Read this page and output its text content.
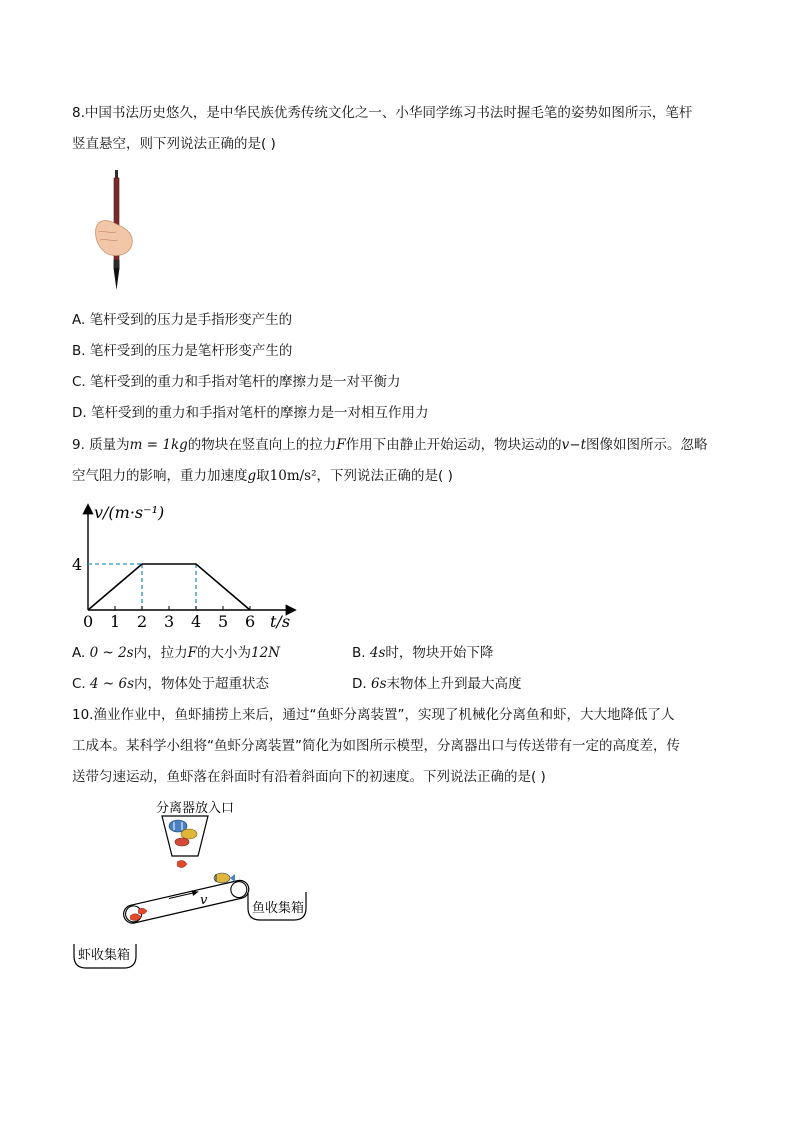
8.中国书法历史悠久，是中华民族优秀传统文化之一、小华同学练习书法时握毛笔的姿势如图所示，笔杆
竖直悬空，则下列说法正确的是( )
A. 笔杆受到的压力是手指形变产生的
B. 笔杆受到的压力是笔杆形变产生的
C. 笔杆受到的重力和手指对笔杆的摩擦力是一对平衡力
D. 笔杆受到的重力和手指对笔杆的摩擦力是一对相互作用力
9. 质量为m = 1kg的物块在竖直向上的拉力F作用下由静止开始运动，物块运动的v−t图像如图所示。忽略
空气阻力的影响，重力加速度g取10m/s²，下列说法正确的是( )
0 1 2 3 4 5 6
4
v/(m·s⁻¹)
t/s
A. 0 ~ 2s内，拉力F的大小为12N	B. 4s时，物块开始下降
C. 4 ~ 6s内，物体处于超重状态	D. 6s末物体上升到最大高度
10.渔业作业中，鱼虾捕捞上来后，通过“鱼虾分离装置”，实现了机械化分离鱼和虾，大大地降低了人
工成本。某科学小组将“鱼虾分离装置”简化为如图所示模型，分离器出口与传送带有一定的高度差，传
送带匀速运动，鱼虾落在斜面时有沿着斜面向下的初速度。下列说法正确的是( )
分离器放入口
v
鱼收集箱
虾收集箱
